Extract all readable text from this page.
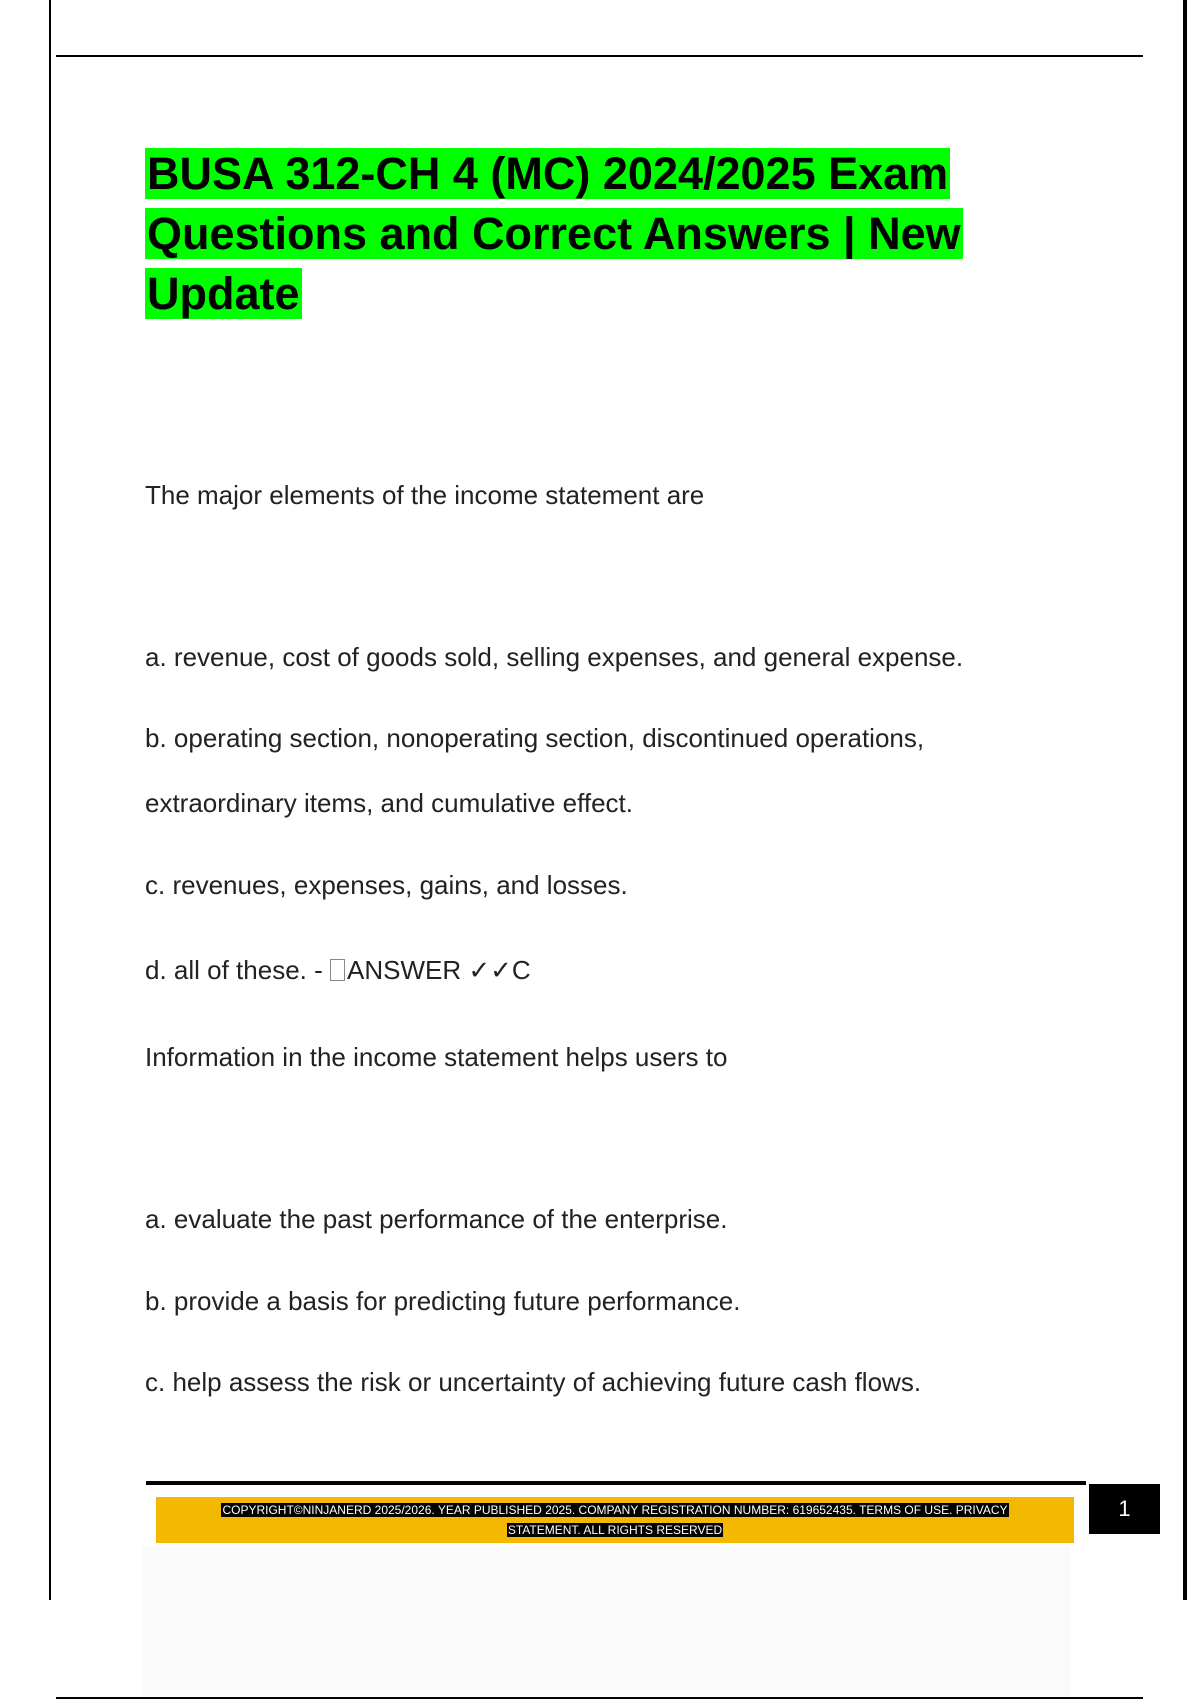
BUSA 312-CH 4 (MC) 2024/2025 Exam Questions and Correct Answers | New Update
The major elements of the income statement are
a. revenue, cost of goods sold, selling expenses, and general expense.
b. operating section, nonoperating section, discontinued operations,
extraordinary items, and cumulative effect.
c. revenues, expenses, gains, and losses.
d. all of these. - ANSWER ✓✓C
Information in the income statement helps users to
a. evaluate the past performance of the enterprise.
b. provide a basis for predicting future performance.
c. help assess the risk or uncertainty of achieving future cash flows.
COPYRIGHT©NINJANERD 2025/2026. YEAR PUBLISHED 2025. COMPANY REGISTRATION NUMBER: 619652435. TERMS OF USE. PRIVACY
STATEMENT. ALL RIGHTS RESERVED
1
